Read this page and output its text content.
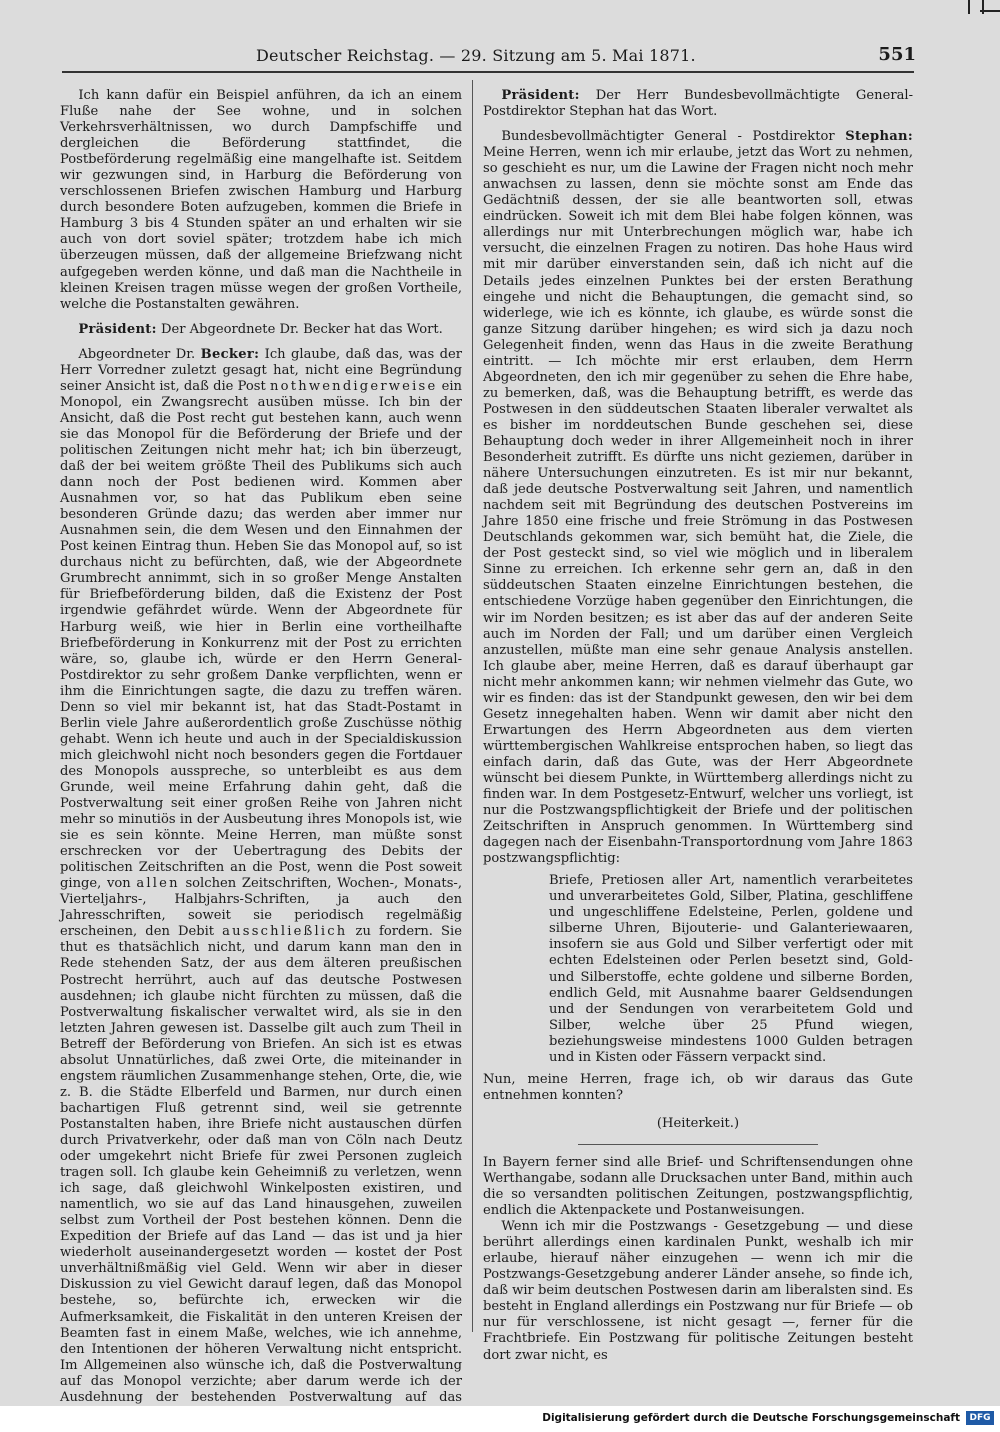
Deutscher Reichstag. — 29. Sitzung am 5. Mai 1871.	551

Ich kann dafür ein Beispiel anführen, da ich an einem Fluße nahe der See wohne, und in solchen Verkehrsverhältnissen, wo durch Dampfschiffe und dergleichen die Beförderung stattfindet, die Postbeförderung regelmäßig eine mangelhafte ist. Seitdem wir gezwungen sind, in Harburg die Beförderung von verschlossenen Briefen zwischen Hamburg und Harburg durch besondere Boten aufzugeben, kommen die Briefe in Hamburg 3 bis 4 Stunden später an und erhalten wir sie auch von dort soviel später; trotzdem habe ich mich überzeugen müssen, daß der allgemeine Briefzwang nicht aufgegeben werden könne, und daß man die Nachtheile in kleinen Kreisen tragen müsse wegen der großen Vortheile, welche die Postanstalten gewähren.

Präsident: Der Abgeordnete Dr. Becker hat das Wort.

Abgeordneter Dr. Becker: Ich glaube, daß das, was der Herr Vorredner zuletzt gesagt hat, nicht eine Begründung seiner Ansicht ist, daß die Post nothwendigerweise ein Monopol, ein Zwangsrecht ausüben müsse. Ich bin der Ansicht, daß die Post recht gut bestehen kann, auch wenn sie das Monopol für die Beförderung der Briefe und der politischen Zeitungen nicht mehr hat; ich bin überzeugt, daß der bei weitem größte Theil des Publikums sich auch dann noch der Post bedienen wird. Kommen aber Ausnahmen vor, so hat das Publikum eben seine besonderen Gründe dazu; das werden aber immer nur Ausnahmen sein, die dem Wesen und den Einnahmen der Post keinen Eintrag thun. Heben Sie das Monopol auf, so ist durchaus nicht zu befürchten, daß, wie der Abgeordnete Grumbrecht annimmt, sich in so großer Menge Anstalten für Briefbeförderung bilden, daß die Existenz der Post irgendwie gefährdet würde. Wenn der Abgeordnete für Harburg weiß, wie hier in Berlin eine vortheilhafte Briefbeförderung in Konkurrenz mit der Post zu errichten wäre, so, glaube ich, würde er den Herrn General-Postdirektor zu sehr großem Danke verpflichten, wenn er ihm die Einrichtungen sagte, die dazu zu treffen wären. Denn so viel mir bekannt ist, hat das Stadt-Postamt in Berlin viele Jahre außerordentlich große Zuschüsse nöthig gehabt. Wenn ich heute und auch in der Specialdiskussion mich gleichwohl nicht noch besonders gegen die Fortdauer des Monopols ausspreche, so unterbleibt es aus dem Grunde, weil meine Erfahrung dahin geht, daß die Postverwaltung seit einer großen Reihe von Jahren nicht mehr so minutiös in der Ausbeutung ihres Monopols ist, wie sie es sein könnte. Meine Herren, man müßte sonst erschrecken vor der Uebertragung des Debits der politischen Zeitschriften an die Post, wenn die Post soweit ginge, von allen solchen Zeitschriften, Wochen-, Monats-, Vierteljahrs-, Halbjahrs-Schriften, ja auch den Jahresschriften, soweit sie periodisch regelmäßig erscheinen, den Debit ausschließlich zu fordern. Sie thut es thatsächlich nicht, und darum kann man den in Rede stehenden Satz, der aus dem älteren preußischen Postrecht herrührt, auch auf das deutsche Postwesen ausdehnen; ich glaube nicht fürchten zu müssen, daß die Postverwaltung fiskalischer verwaltet wird, als sie in den letzten Jahren gewesen ist. Dasselbe gilt auch zum Theil in Betreff der Beförderung von Briefen. An sich ist es etwas absolut Unnatürliches, daß zwei Orte, die miteinander in engstem räumlichen Zusammenhange stehen, Orte, die, wie z. B. die Städte Elberfeld und Barmen, nur durch einen bachartigen Fluß getrennt sind, weil sie getrennte Postanstalten haben, ihre Briefe nicht austauschen dürfen durch Privatverkehr, oder daß man von Cöln nach Deutz oder umgekehrt nicht Briefe für zwei Personen zugleich tragen soll. Ich glaube kein Geheimniß zu verletzen, wenn ich sage, daß gleichwohl Winkelposten existiren, und namentlich, wo sie auf das Land hinausgehen, zuweilen selbst zum Vortheil der Post bestehen können. Denn die Expedition der Briefe auf das Land — das ist und ja hier wiederholt auseinandergesetzt worden — kostet der Post unverhältnißmäßig viel Geld. Wenn wir aber in dieser Diskussion zu viel Gewicht darauf legen, daß das Monopol bestehe, so, befürchte ich, erwecken wir die Aufmerksamkeit, die Fiskalität in den unteren Kreisen der Beamten fast in einem Maße, welches, wie ich annehme, den Intentionen der höheren Verwaltung nicht entspricht. Im Allgemeinen also wünsche ich, daß die Postverwaltung auf das Monopol verzichte; aber darum werde ich der Ausdehnung der bestehenden Postverwaltung auf das

Präsident: Der Herr Bundesbevollmächtigte General-Postdirektor Stephan hat das Wort.

Bundesbevollmächtigter General - Postdirektor Stephan: Meine Herren, wenn ich mir erlaube, jetzt das Wort zu nehmen, so geschieht es nur, um die Lawine der Fragen nicht noch mehr anwachsen zu lassen, denn sie möchte sonst am Ende das Gedächtniß dessen, der sie alle beantworten soll, etwas eindrücken. Soweit ich mit dem Blei habe folgen können, was allerdings nur mit Unterbrechungen möglich war, habe ich versucht, die einzelnen Fragen zu notiren. Das hohe Haus wird mit mir darüber einverstanden sein, daß ich nicht auf die Details jedes einzelnen Punktes bei der ersten Berathung eingehe und nicht die Behauptungen, die gemacht sind, so widerlege, wie ich es könnte, ich glaube, es würde sonst die ganze Sitzung darüber hingehen; es wird sich ja dazu noch Gelegenheit finden, wenn das Haus in die zweite Berathung eintritt. — Ich möchte mir erst erlauben, dem Herrn Abgeordneten, den ich mir gegenüber zu sehen die Ehre habe, zu bemerken, daß, was die Behauptung betrifft, es werde das Postwesen in den süddeutschen Staaten liberaler verwaltet als es bisher im norddeutschen Bunde geschehen sei, diese Behauptung doch weder in ihrer Allgemeinheit noch in ihrer Besonderheit zutrifft. Es dürfte uns nicht geziemen, darüber in nähere Untersuchungen einzutreten. Es ist mir nur bekannt, daß jede deutsche Postverwaltung seit Jahren, und namentlich nachdem seit mit Begründung des deutschen Postvereins im Jahre 1850 eine frische und freie Strömung in das Postwesen Deutschlands gekommen war, sich bemüht hat, die Ziele, die der Post gesteckt sind, so viel wie möglich und in liberalem Sinne zu erreichen. Ich erkenne sehr gern an, daß in den süddeutschen Staaten einzelne Einrichtungen bestehen, die entschiedene Vorzüge haben gegenüber den Einrichtungen, die wir im Norden besitzen; es ist aber das auf der anderen Seite auch im Norden der Fall; und um darüber einen Vergleich anzustellen, müßte man eine sehr genaue Analysis anstellen. Ich glaube aber, meine Herren, daß es darauf überhaupt gar nicht mehr ankommen kann; wir nehmen vielmehr das Gute, wo wir es finden: das ist der Standpunkt gewesen, den wir bei dem Gesetz innegehalten haben. Wenn wir damit aber nicht den Erwartungen des Herrn Abgeordneten aus dem vierten württembergischen Wahlkreise entsprochen haben, so liegt das einfach darin, daß das Gute, was der Herr Abgeordnete wünscht bei diesem Punkte, in Württemberg allerdings nicht zu finden war. In dem Postgesetz-Entwurf, welcher uns vorliegt, ist nur die Postzwangspflichtigkeit der Briefe und der politischen Zeitschriften in Anspruch genommen. In Württemberg sind dagegen nach der Eisenbahn-Transportordnung vom Jahre 1863 postzwangspflichtig:

Briefe, Pretiosen aller Art, namentlich verarbeitetes und unverarbeitetes Gold, Silber, Platina, geschliffene und ungeschliffene Edelsteine, Perlen, goldene und silberne Uhren, Bijouterie- und Galanteriewaaren, insofern sie aus Gold und Silber verfertigt oder mit echten Edelsteinen oder Perlen besetzt sind, Gold- und Silberstoffe, echte goldene und silberne Borden, endlich Geld, mit Ausnahme baarer Geldsendungen und der Sendungen von verarbeitetem Gold und Silber, welche über 25 Pfund wiegen, beziehungsweise mindestens 1000 Gulden betragen und in Kisten oder Fässern verpackt sind.

Nun, meine Herren, frage ich, ob wir daraus das Gute entnehmen konnten?

(Heiterkeit.)

In Bayern ferner sind alle Brief- und Schriftensendungen ohne Werthangabe, sodann alle Drucksachen unter Band, mithin auch die so versandten politischen Zeitungen, postzwangspflichtig, endlich die Aktenpackete und Postanweisungen.

Wenn ich mir die Postzwangs - Gesetzgebung — und diese berührt allerdings einen kardinalen Punkt, weshalb ich mir erlaube, hierauf näher einzugehen — wenn ich mir die Postzwangs-Gesetzgebung anderer Länder ansehe, so finde ich, daß wir beim deutschen Postwesen darin am liberalsten sind. Es besteht in England allerdings ein Postzwang nur für Briefe — ob nur für verschlossene, ist nicht gesagt —, ferner für die Frachtbriefe. Ein Postzwang für politische Zeitungen besteht dort zwar nicht, es

Digitalisierung gefördert durch die Deutsche Forschungsgemeinschaft	DFG
